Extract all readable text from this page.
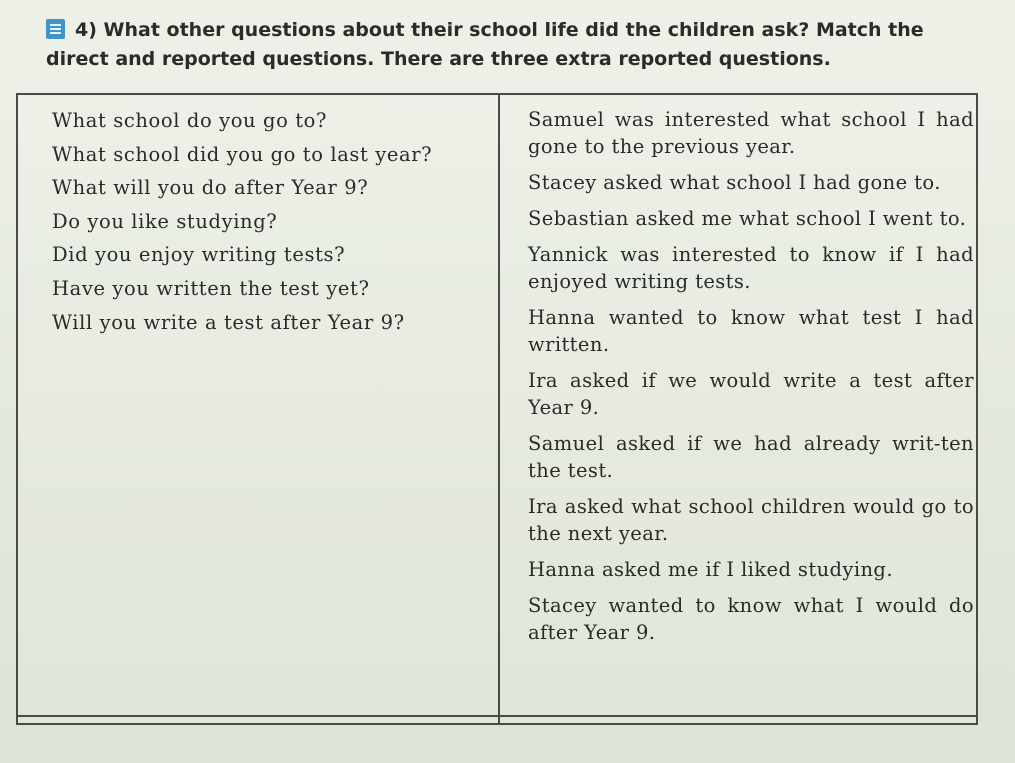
4) What other questions about their school life did the children ask? Match the direct and reported questions. There are three extra reported questions.
What school do you go to?
What school did you go to last year?
What will you do after Year 9?
Do you like studying?
Did you enjoy writing tests?
Have you written the test yet?
Will you write a test after Year 9?
Samuel was interested what school I had gone to the previous year.
Stacey asked what school I had gone to.
Sebastian asked me what school I went to.
Yannick was interested to know if I had enjoyed writing tests.
Hanna wanted to know what test I had written.
Ira asked if we would write a test after Year 9.
Samuel asked if we had already writ-ten the test.
Ira asked what school children would go to the next year.
Hanna asked me if I liked studying.
Stacey wanted to know what I would do after Year 9.
